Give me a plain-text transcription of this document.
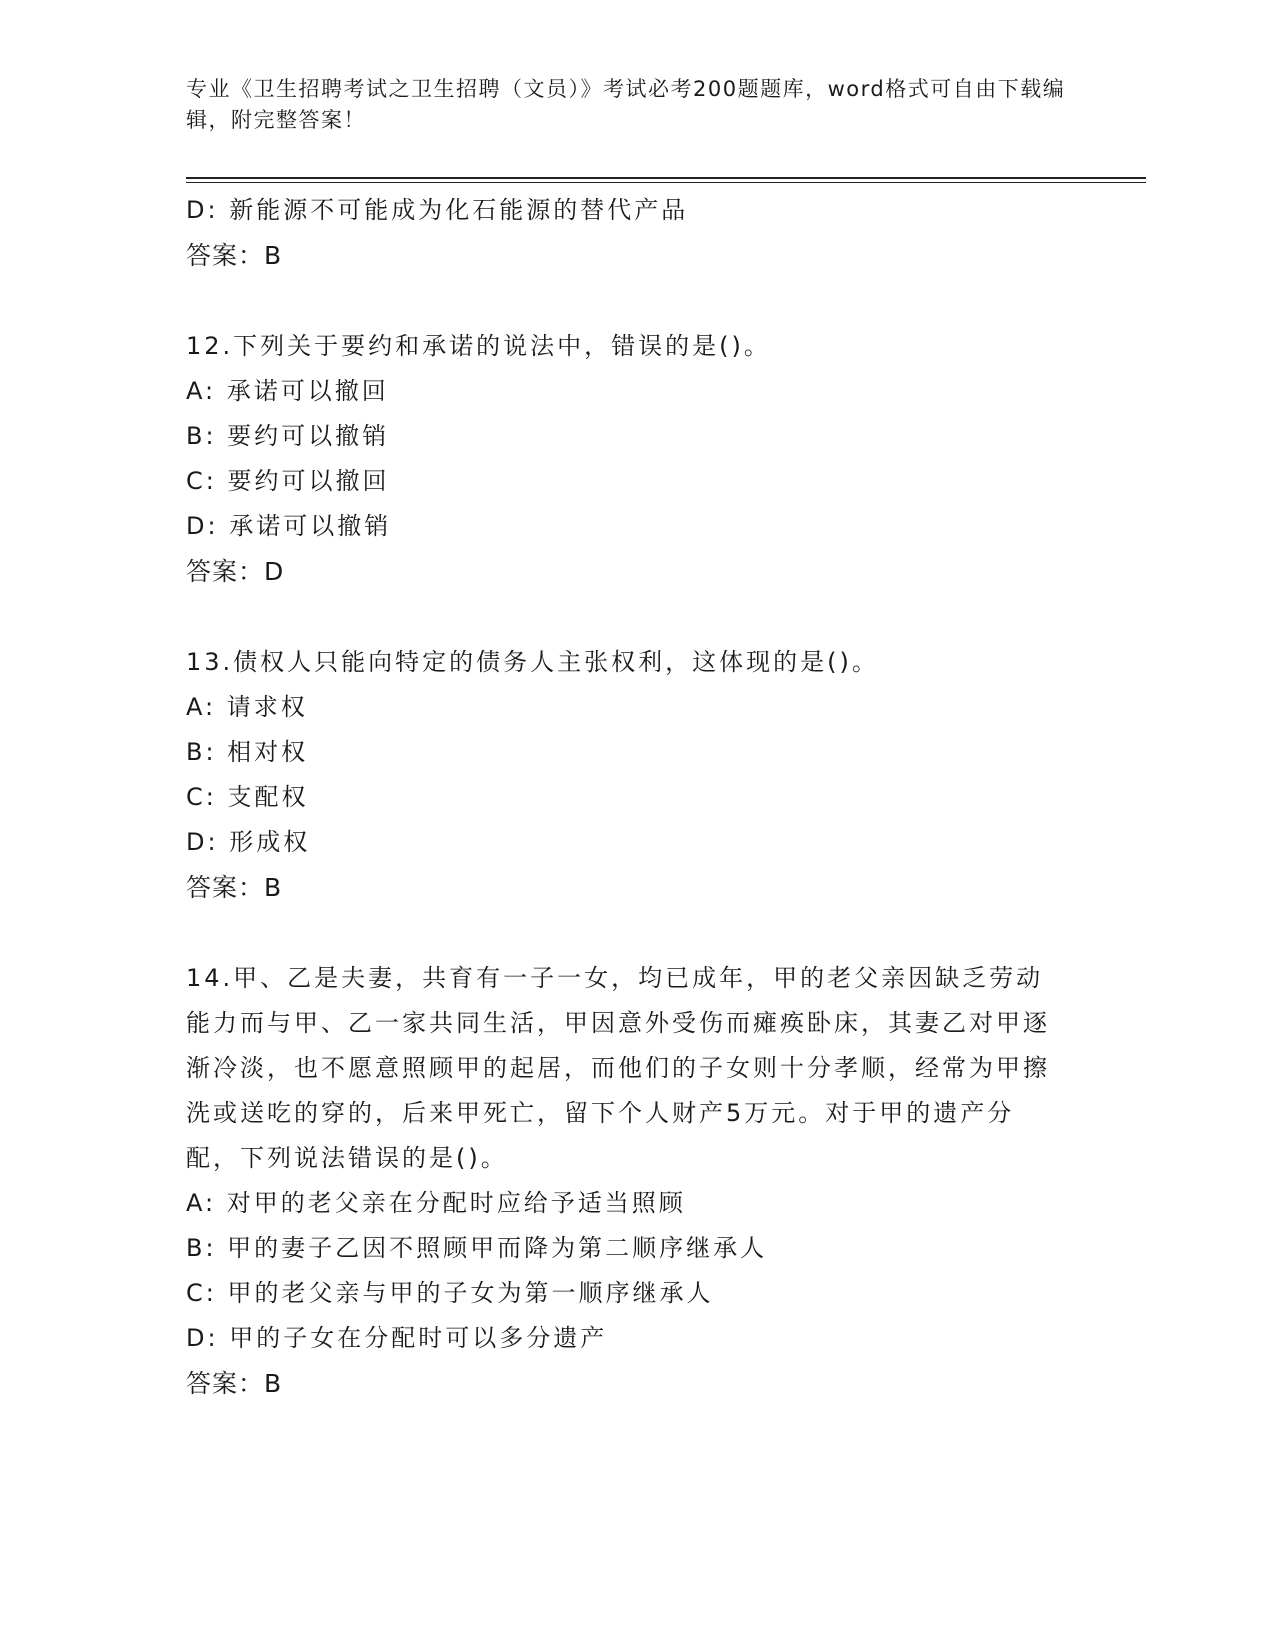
专业《卫生招聘考试之卫生招聘（文员）》考试必考200题题库，word格式可自由下载编辑，附完整答案！
D: 新能源不可能成为化石能源的替代产品
答案：B
12.下列关于要约和承诺的说法中，错误的是()。
A: 承诺可以撤回
B: 要约可以撤销
C: 要约可以撤回
D: 承诺可以撤销
答案：D
13.债权人只能向特定的债务人主张权利，这体现的是()。
A: 请求权
B: 相对权
C: 支配权
D: 形成权
答案：B
14.甲、乙是夫妻，共育有一子一女，均已成年，甲的老父亲因缺乏劳动能力而与甲、乙一家共同生活，甲因意外受伤而瘫痪卧床，其妻乙对甲逐渐冷淡，也不愿意照顾甲的起居，而他们的子女则十分孝顺，经常为甲擦洗或送吃的穿的，后来甲死亡，留下个人财产5万元。对于甲的遗产分配，下列说法错误的是()。
A: 对甲的老父亲在分配时应给予适当照顾
B: 甲的妻子乙因不照顾甲而降为第二顺序继承人
C: 甲的老父亲与甲的子女为第一顺序继承人
D: 甲的子女在分配时可以多分遗产
答案：B
